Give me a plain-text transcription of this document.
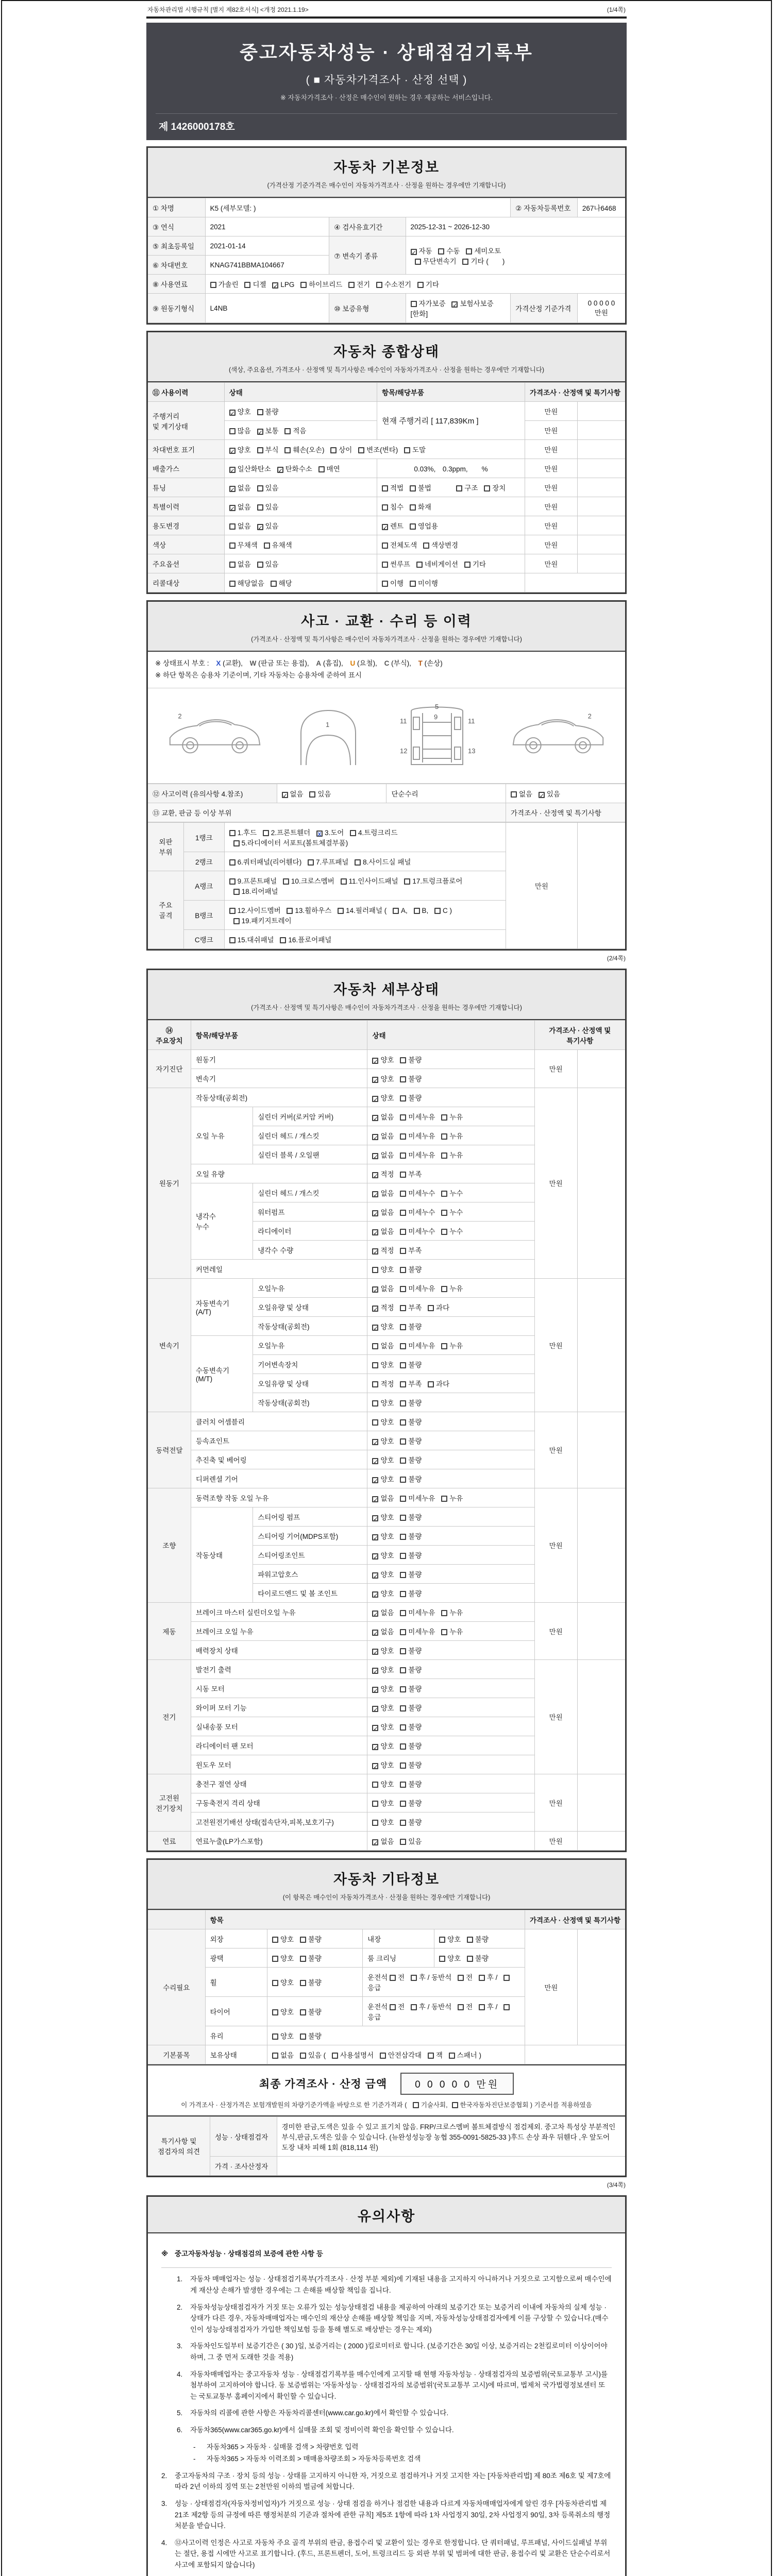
자동차관리법 시행규칙 [별지 제82호서식] <개정 2021.1.19>	(1/4쪽)
중고자동차성능 · 상태점검기록부
( ■ 자동차가격조사 · 산정 선택 )
※ 자동차가격조사 · 산정은 매수인이 원하는 경우 제공하는 서비스입니다.
제 1426000178호
자동차 기본정보
(가격산정 기준가격은 매수인이 자동차가격조사 · 산정을 원하는 경우에만 기재합니다)
① 차명	K5 (세부모델: )			② 자동차등록번호	267나6468
③ 연식	2021	④ 검사유효기간	2025-12-31 ~ 2026-12-30		
⑤ 최초등록일	2021-01-14	⑦ 변속기 종류	✓자동 수동 세미오토
무단변속기 기타 (　　)
⑥ 차대번호	KNAG741BBMA104667				
⑧ 사용연료	가솔린 디젤 ✓LPG 하이브리드 전기 수소전기 기타
⑨ 원동기형식	L4NB	⑩ 보증유형	자가보증 ✓보험사보증 [한화]	가격산정 기준가격	0 0 0 0 0 만원
자동차 종합상태
(색상, 주요옵션, 가격조사 · 산정액 및 특기사항은 매수인이 자동차가격조사 · 산정을 원하는 경우에만 기재합니다)
⑪ 사용이력	상태	항목/해당부품	가격조사 · 산정액 및 특기사항	
주행거리
및 계기상태	✓양호 불량	현재 주행거리 [ 117,839Km ]	만원	
	많음 ✓보통 적음		만원	
차대번호 표기	✓양호 부식 훼손(오손) 상이 변조(변타) 도말		만원	
배출가스	✓일산화탄소 ✓탄화수소 매연	0.03%,　0.3ppm,　　%	만원	
튜닝	✓없음 있음	적법 불법　　　구조 장치	만원	
특별이력	✓없음 있음	침수 화재	만원	
용도변경	없음 ✓있음	✓렌트 영업용	만원	
색상	무채색 유채색	전체도색 색상변경	만원	
주요옵션	없음 있음	썬루프 네비게이션 기타	만원	
리콜대상	해당없음 해당	이행 미이행		
사고 · 교환 · 수리 등 이력
(가격조사 · 산정액 및 특기사항은 매수인이 자동차가격조사 · 산정을 원하는 경우에만 기재합니다)
※ 상태표시 부호 : X (교환), W (판금 또는 용접), A (흠집), U (요철), C (부식), T (손상)
※ 하단 항목은 승용차 기준이며, 기타 자동차는 승용차에 준하여 표시
2
1	11	11
9
5
12	13
2
⑫ 사고이력 (유의사항 4.참조)	✓없음 있음	단순수리	없음 ✓있음
⑬ 교환, 판금 등 이상 부위			가격조사 · 산정액 및 특기사항
외판
부위	1랭크	1.후드 2.프론트휀더 X3.도어 4.트렁크리드
5.라디에이터 서포트(볼트체결부품)	만원	
	2랭크	6.쿼터패널(리어휀다) 7.루프패널 8.사이드실 패널		
주요
골격	A랭크	9.프론트패널 10.크로스멤버 11.인사이드패널 17.트렁크플로어
18.리어패널		
	B랭크	12.사이드멤버 13.휠하우스 14.필러패널 ( A, B, C )
19.패키지트레이		
	C랭크	15.대쉬패널 16.플로어패널		
(2/4쪽)
자동차 세부상태
(가격조사 · 산정액 및 특기사항은 매수인이 자동차가격조사 · 산정을 원하는 경우에만 기재합니다)
⑭ 주요장치	항목/해당부품		상태	가격조사 · 산정액 및 특기사항	
자기진단	원동기	✓양호 불량	만원	
	변속기	✓양호 불량
원동기	작동상태(공회전)	✓양호 불량	만원	
	오일 누유	실린더 커버(로커암 커버)	✓없음 미세누유 누유
		실린더 헤드 / 개스킷	✓없음 미세누유 누유
		실린더 블록 / 오일팬	✓없음 미세누유 누유
	오일 유량	✓적정 부족
	냉각수
누수	실린더 헤드 / 개스킷	✓없음 미세누수 누수
		워터펌프	✓없음 미세누수 누수
		라디에이터	✓없음 미세누수 누수
		냉각수 수량	✓적정 부족
	커먼레일		양호 불량		
변속기	자동변속기
(A/T)	오일누유	✓없음 미세누유 누유	만원	
		오일유량 및 상태	✓적정 부족 과다
		작동상태(공회전)	✓양호 불량
	수동변속기
(M/T)	오일누유	없음 미세누유 누유		
		기어변속장치	양호 불량		
		오일유량 및 상태	적정 부족 과다		
		작동상태(공회전)	양호 불량		
동력전달	클러치 어셈블리		양호 불량	만원	
	등속죠인트	✓양호 불량
	추진축 및 베어링	✓양호 불량
	디퍼렌셜 기어	✓양호 불량
조향	동력조향 작동 오일 누유	✓없음 미세누유 누유	만원	
	작동상태	스티어링 펌프	✓양호 불량
		스티어링 기어(MDPS포함)	✓양호 불량
		스티어링조인트	✓양호 불량
		파워고압호스	✓양호 불량
		타이로드엔드 및 볼 조인트	✓양호 불량
제동	브레이크 마스터 실린더오일 누유	✓없음 미세누유 누유	만원	
	브레이크 오일 누유	✓없음 미세누유 누유
	배력장치 상태	✓양호 불량
전기	발전기 출력	✓양호 불량	만원	
	시동 모터	✓양호 불량
	와이퍼 모터 기능	✓양호 불량
	실내송풍 모터	✓양호 불량
	라디에이터 팬 모터	✓양호 불량
	윈도우 모터	✓양호 불량
고전원
전기장치	충전구 절연 상태		양호 불량	만원	
	구동축전지 격리 상태		양호 불량		
	고전원전기배선 상태(접속단자,피복,보호기구)		양호 불량		
연료	연료누출(LP가스포함)	✓없음 있음	만원	
자동차 기타정보
(이 항목은 매수인이 자동차가격조사 · 산정을 원하는 경우에만 기재합니다)
	항목				가격조사 · 산정액 및 특기사항	
수리필요	외장	양호 불량	내장	양호 불량	만원	
	광택	양호 불량	룸 크리닝	양호 불량		
	휠	양호 불량	운전석 전 후 / 동반석 전 후 / 응급			
	타이어	양호 불량	운전석 전 후 / 동반석 전 후 / 응급			
	유리	양호 불량				
기본품목	보유상태	없음 있음 ( 사용설명서 안전삼각대 잭 스패너 )				
최종 가격조사 · 산정 금액	0 0 0 0 0 만원
이 가격조사 · 산정가격은 보험개발원의 차량기준가액을 바탕으로 한 기준가격과 ( 기술사회, 한국자동차진단보증협회 ) 기준서를 적용하였음
특기사항 및
점검자의 의견	성능 · 상태점검자	경미한 판금,도색은 있을 수 있고 표기치 않음. FRP/크로스멤버 볼트체결방식 점검제외. 중고차 특성상 부분적인 부식,판금,도색은 있을 수 있습니다. (뉴완성성능장 농협 355-0091-5825-33 )후드 손상 좌우 뒤휀다 ,우 앞도어 도장 내차 피해 1회 (818,114 원)
	가격 · 조사산정자	
(3/4쪽)
유의사항
※ 중고자동차성능 · 상태점검의 보증에 관한 사항 등
1.	자동차 매매업자는 성능 · 상태점검기록부(가격조사 · 산정 부분 제외)에 기재된 내용을 고지하지 아니하거나 거짓으로 고지함으로써 매수인에게 재산상 손해가 발생한 경우에는 그 손해를 배상할 책임을 집니다.
2.	자동차성능상태점검자가 거짓 또는 오류가 있는 성능상태점검 내용을 제공하여 아래의 보증기간 또는 보증거리 이내에 자동차의 실제 성능 · 상태가 다른 경우, 자동차매매업자는 매수인의 재산상 손해를 배상할 책임을 지며, 자동차성능상태점검자에게 이를 구상할 수 있습니다.(매수인이 성능상태점검자가 가입한 책임보험 등을 통해 별도로 배상받는 경우는 제외)
3.	자동차인도일부터 보증기간은 ( 30 )일, 보증거리는 ( 2000 )킬로미터로 합니다. (보증기간은 30일 이상, 보증거리는 2천킬로미터 이상이어야 하며, 그 중 먼저 도래한 것을 적용)
4.	자동차매매업자는 중고자동차 성능 · 상태점검기록부를 매수인에게 고지할 때 현행 자동차성능 · 상태점검자의 보증범위(국토교통부 고시)를 첨부하여 고지하여야 합니다. 동 보증범위는 '자동차성능 · 상태점검자의 보증범위'(국토교통부 고시)에 따르며, 법제처 국가법령정보센터 또는 국토교통부 홈페이지에서 확인할 수 있습니다.
5.	자동차의 리콜에 관한 사항은 자동차리콜센터(www.car.go.kr)에서 확인할 수 있습니다.
6.	자동차365(www.car365.go.kr)에서 실매물 조회 및 정비이력 확인을 확인할 수 있습니다.
-	자동차365 > 자동차 · 실매물 검색 > 차량번호 입력
-	자동차365 > 자동차 이력조회 > 매매용차량조회 > 자동차등록번호 검색
2.	중고자동차의 구조 · 장치 등의 성능 · 상태를 고지하지 아니한 자, 거짓으로 점검하거나 거짓 고지한 자는 [자동차관리법] 제 80조 제6호 및 제7호에 따라 2년 이하의 징역 또는 2천만원 이하의 벌금에 처합니다.
3.	성능 · 상태점검자(자동차정비업자)가 거짓으로 성능 · 상태 점검을 하거나 점검한 내용과 다르게 자동차매매업자에게 알린 경우 [자동차관리법 제21조 제2항 등의 규정에 따른 행정처분의 기준과 절차에 관한 규칙] 제5조 1항에 따라 1차 사업정지 30일, 2차 사업정지 90일, 3차 등록취소의 행정처분을 받습니다.
4.	⑫사고이력 인정은 사고로 자동차 주요 골격 부위의 판금, 용접수리 및 교환이 있는 경우로 한정합니다. 단 쿼터패널, 루프패널, 사이드실패널 부위는 절단, 용접 시에만 사고로 표기합니다. (후드, 프론트펜더, 도어, 트렁크리드 등 외판 부위 및 범퍼에 대한 판금, 용접수리 및 교환은 단순수리로서 사고에 포함되지 않습니다)
